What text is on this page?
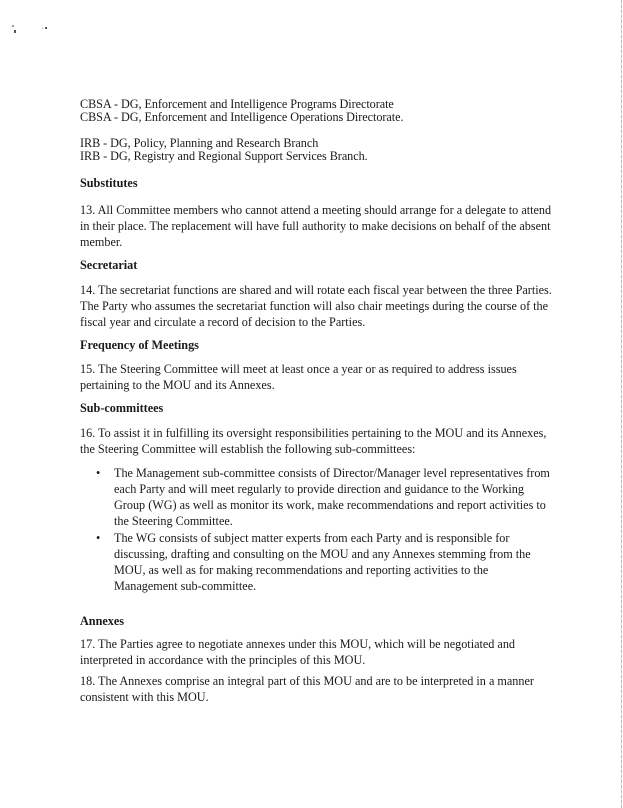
CBSA - DG, Enforcement and Intelligence Programs Directorate
CBSA - DG, Enforcement and Intelligence Operations Directorate.
IRB - DG, Policy, Planning and Research Branch
IRB - DG, Registry and Regional Support Services Branch.
Substitutes
13. All Committee members who cannot attend a meeting should arrange for a delegate to attend
in their place. The replacement will have full authority to make decisions on behalf of the absent
member.
Secretariat
14. The secretariat functions are shared and will rotate each fiscal year between the three Parties.
The Party who assumes the secretariat function will also chair meetings during the course of the
fiscal year and circulate a record of decision to the Parties.
Frequency of Meetings
15. The Steering Committee will meet at least once a year or as required to address issues
pertaining to the MOU and its Annexes.
Sub-committees
16. To assist it in fulfilling its oversight responsibilities pertaining to the MOU and its Annexes,
the Steering Committee will establish the following sub-committees:
•	The Management sub-committee consists of Director/Manager level representatives from
each Party and will meet regularly to provide direction and guidance to the Working
Group (WG) as well as monitor its work, make recommendations and report activities to
the Steering Committee.
•	The WG consists of subject matter experts from each Party and is responsible for
discussing, drafting and consulting on the MOU and any Annexes stemming from the
MOU, as well as for making recommendations and reporting activities to the
Management sub-committee.
Annexes
17. The Parties agree to negotiate annexes under this MOU, which will be negotiated and
interpreted in accordance with the principles of this MOU.
18. The Annexes comprise an integral part of this MOU and are to be interpreted in a manner
consistent with this MOU.
